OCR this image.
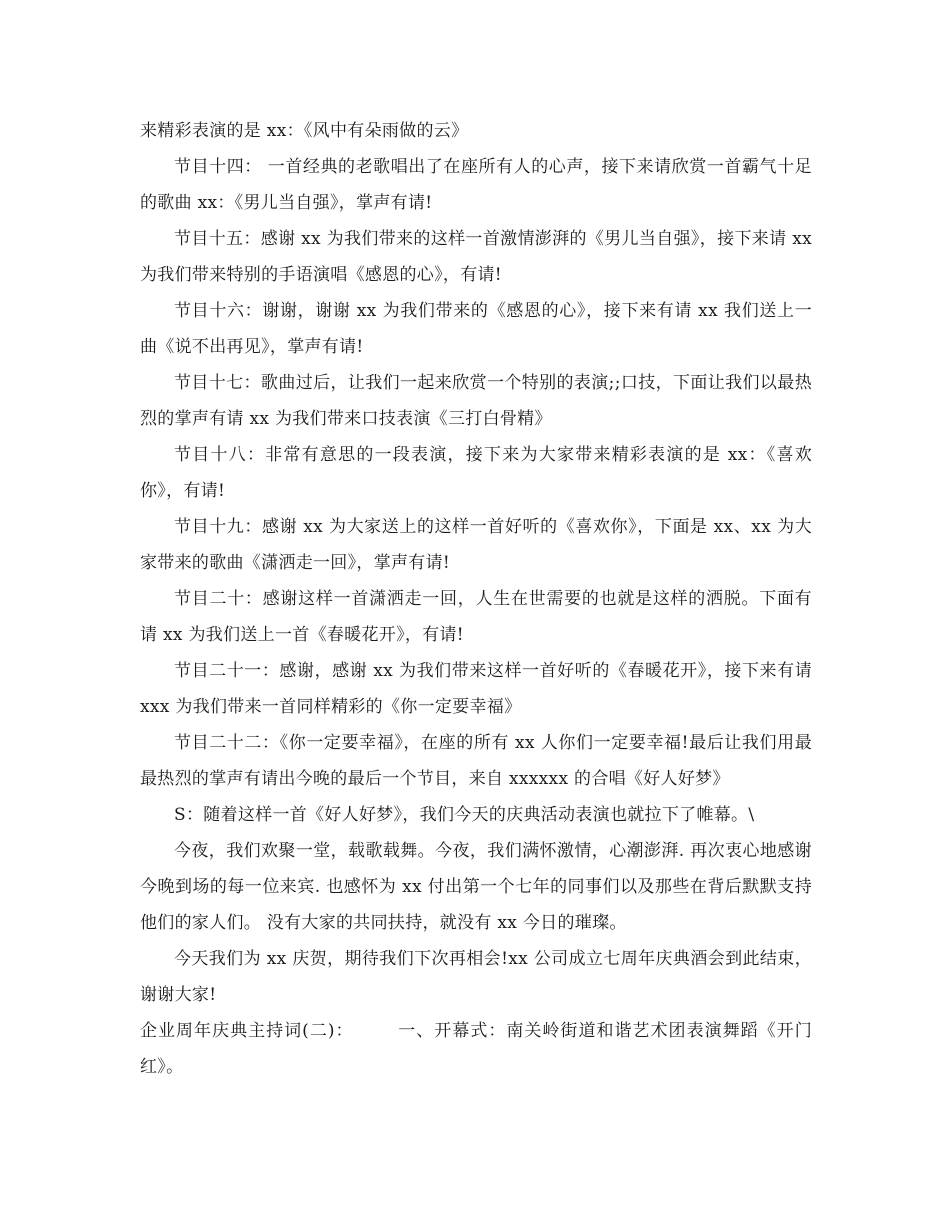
来精彩表演的是 xx：《风中有朵雨做的云》

节目十四： 一首经典的老歌唱出了在座所有人的心声，接下来请欣赏一首霸气十足的歌曲 xx：《男儿当自强》，掌声有请!

节目十五：感谢 xx 为我们带来的这样一首激情澎湃的《男儿当自强》，接下来请 xx 为我们带来特别的手语演唱《感恩的心》，有请!

节目十六：谢谢，谢谢 xx 为我们带来的《感恩的心》，接下来有请 xx 我们送上一曲《说不出再见》，掌声有请!

节目十七：歌曲过后，让我们一起来欣赏一个特别的表演;;口技，下面让我们以最热烈的掌声有请 xx 为我们带来口技表演《三打白骨精》

节目十八：非常有意思的一段表演，接下来为大家带来精彩表演的是 xx：《喜欢你》，有请!

节目十九：感谢 xx 为大家送上的这样一首好听的《喜欢你》，下面是 xx、xx 为大家带来的歌曲《潇洒走一回》，掌声有请!

节目二十：感谢这样一首潇洒走一回，人生在世需要的也就是这样的洒脱。下面有请 xx 为我们送上一首《春暖花开》，有请!

节目二十一：感谢，感谢 xx 为我们带来这样一首好听的《春暖花开》，接下来有请 xxx 为我们带来一首同样精彩的《你一定要幸福》

节目二十二：《你一定要幸福》，在座的所有 xx 人你们一定要幸福!最后让我们用最最热烈的掌声有请出今晚的最后一个节目，来自 xxxxxx 的合唱《好人好梦》

S：随着这样一首《好人好梦》，我们今天的庆典活动表演也就拉下了帷幕。\

今夜，我们欢聚一堂，载歌载舞。今夜，我们满怀激情，心潮澎湃. 再次衷心地感谢今晚到场的每一位来宾. 也感怀为 xx 付出第一个七年的同事们以及那些在背后默默支持他们的家人们。 没有大家的共同扶持，就没有 xx 今日的璀璨。

今天我们为 xx 庆贺，期待我们下次再相会!xx 公司成立七周年庆典酒会到此结束，谢谢大家!

企业周年庆典主持词(二)：	一、开幕式：南关岭街道和谐艺术团表演舞蹈《开门红》。
